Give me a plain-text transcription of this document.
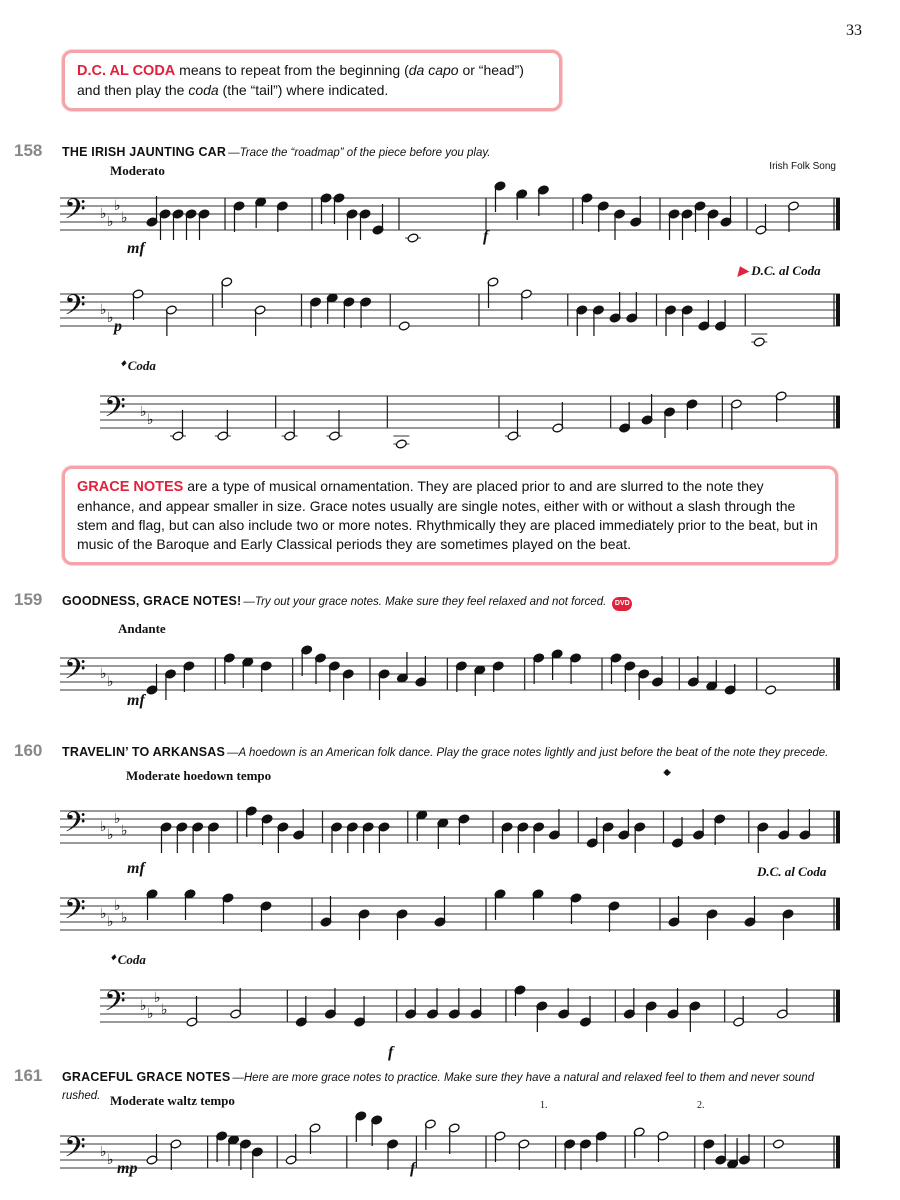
33
D.C. AL CODA means to repeat from the beginning (da capo or “head”)
and then play the coda (the “tail”) where indicated.
158	THE IRISH JAUNTING CAR —Trace the “roadmap” of the piece before you play.
Irish Folk Song
Moderato
𝄢 ♭ ♭
♭
♭
mf
f
▶ D.C. al Coda
𝄢 ♭ ♭ p
𝄌 Coda
𝄢 ♭ ♭
GRACE NOTES are a type of musical ornamentation. They are placed prior to and are slurred to the note they enhance, and appear smaller in size. Grace notes usually are single notes, either with or without a slash through the stem and flag, but can also include two or more notes. Rhythmically they are placed immediately prior to the beat, but in music of the Baroque and Early Classical periods they are sometimes played on the beat.
159	GOODNESS, GRACE NOTES! —Try out your grace notes. Make sure they feel relaxed and not forced.	DVD
Andante
𝄢 ♭ ♭
mf
160	TRAVELIN’ TO ARKANSAS —A hoedown is an American folk dance. Play the grace notes lightly and just before the beat of the note they precede.
Moderate hoedown tempo	𝄌
𝄢 ♭ ♭
♭
♭
mf	D.C. al Coda
𝄢 ♭ ♭
♭
♭
𝄌 Coda
𝄢 ♭ ♭
♭
♭
f
161	GRACEFUL GRACE NOTES —Here are more grace notes to practice. Make sure they have a natural and relaxed feel to them and never sound rushed. Moderate waltz tempo	1.	2.
𝄢 ♭ ♭ mp	f
